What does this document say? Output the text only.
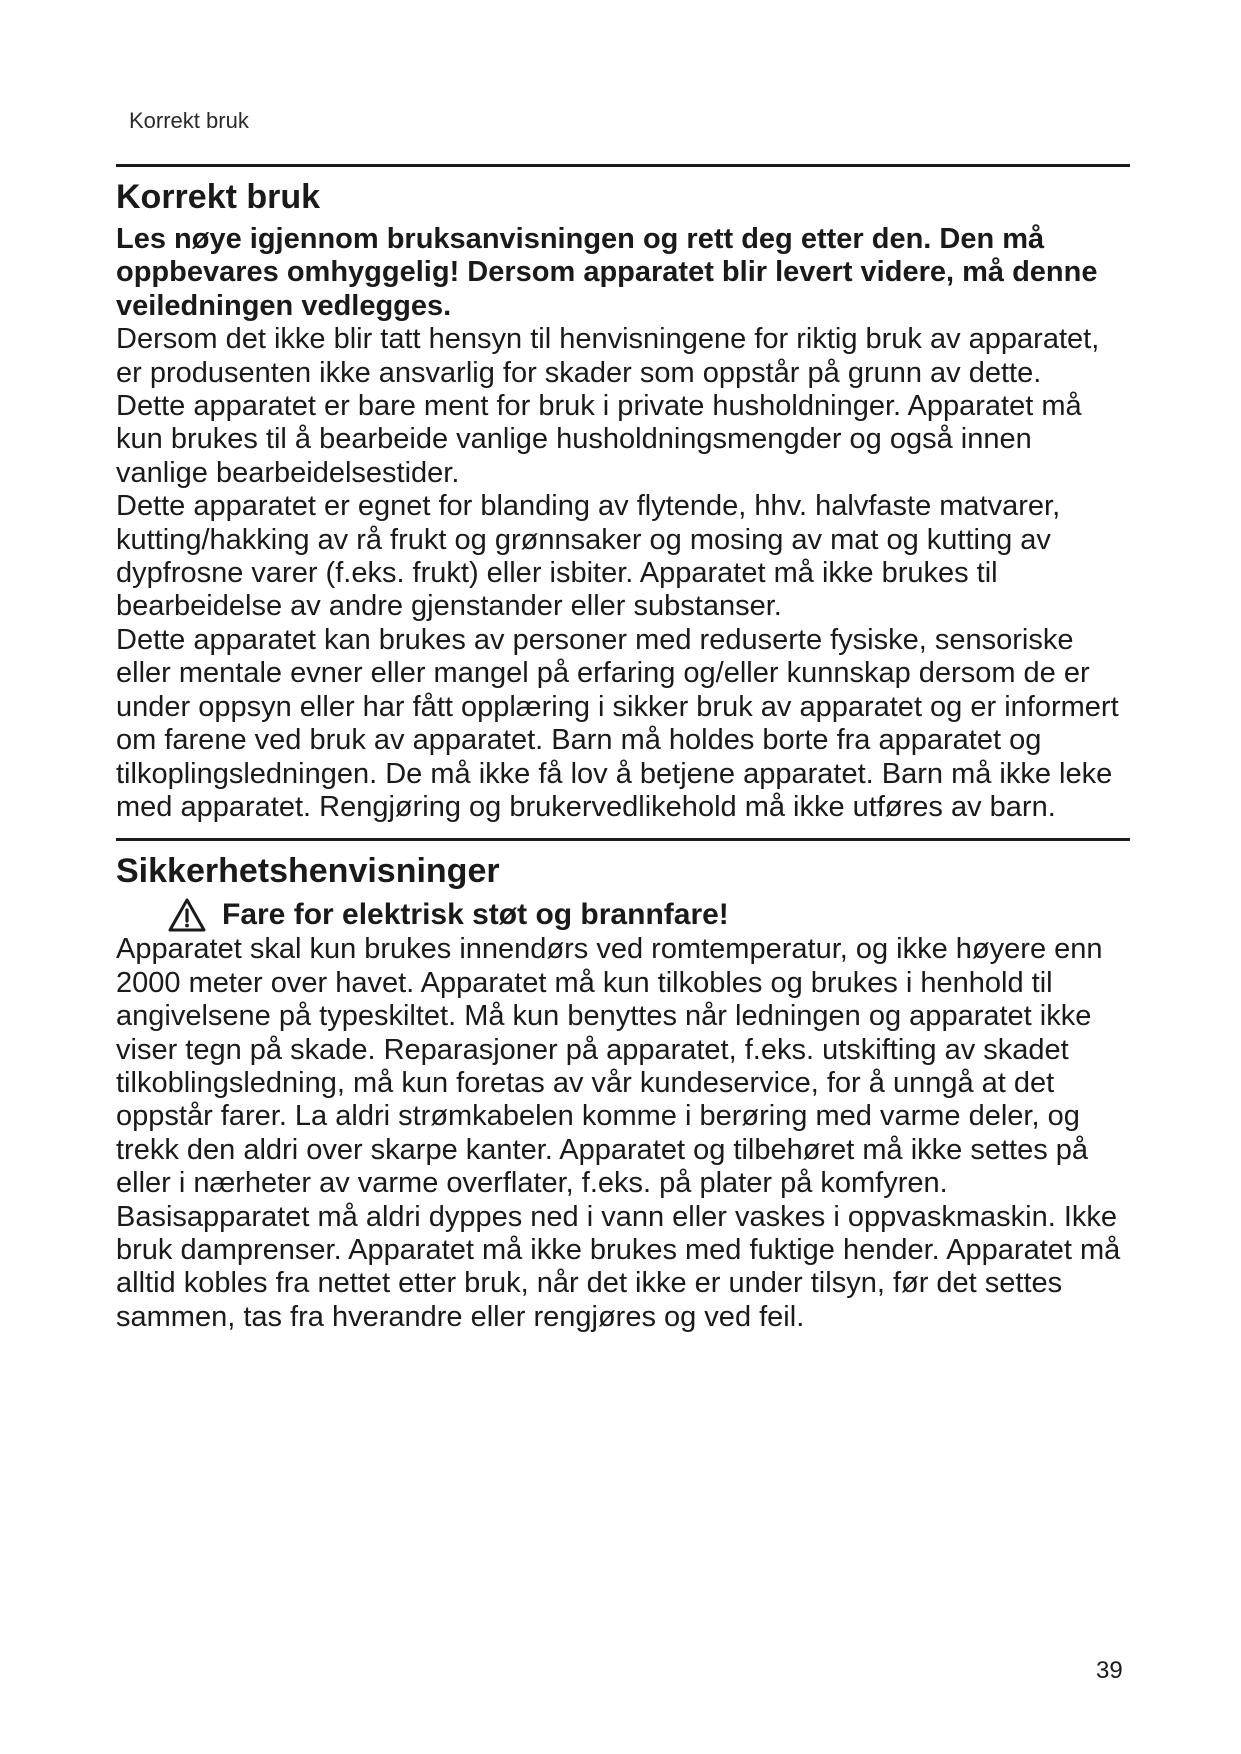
Korrekt bruk
Korrekt bruk

Les nøye igjennom bruksanvisningen og rett deg etter den. Den må oppbevares omhyggelig! Dersom apparatet blir levert videre, må denne veiledningen vedlegges.

Dersom det ikke blir tatt hensyn til henvisningene for riktig bruk av apparatet, er produsenten ikke ansvarlig for skader som oppstår på grunn av dette.

Dette apparatet er bare ment for bruk i private husholdninger. Apparatet må kun brukes til å bearbeide vanlige husholdningsmengder og også innen vanlige bearbeidelsestider.

Dette apparatet er egnet for blanding av flytende, hhv. halvfaste matvarer, kutting/hakking av rå frukt og grønnsaker og mosing av mat og kutting av dypfrosne varer (f.eks. frukt) eller isbiter. Apparatet må ikke brukes til bearbeidelse av andre gjenstander eller substanser.

Dette apparatet kan brukes av personer med reduserte fysiske, sensoriske eller mentale evner eller mangel på erfaring og/eller kunnskap dersom de er under oppsyn eller har fått opplæring i sikker bruk av apparatet og er informert om farene ved bruk av apparatet. Barn må holdes borte fra apparatet og tilkoplingsledningen. De må ikke få lov å betjene apparatet. Barn må ikke leke med apparatet. Rengjøring og brukervedlikehold må ikke utføres av barn.

Sikkerhetshenvisninger
Fare for elektrisk støt og brannfare!

Apparatet skal kun brukes innendørs ved romtemperatur, og ikke høyere enn 2000 meter over havet. Apparatet må kun tilkobles og brukes i henhold til angivelsene på typeskiltet. Må kun benyttes når ledningen og apparatet ikke viser tegn på skade. Reparasjoner på apparatet, f.eks. utskifting av skadet tilkoblingsledning, må kun foretas av vår kundeservice, for å unngå at det oppstår farer. La aldri strømkabelen komme i berøring med varme deler, og trekk den aldri over skarpe kanter. Apparatet og tilbehøret må ikke settes på eller i nærheter av varme overflater, f.eks. på plater på komfyren. Basisapparatet må aldri dyppes ned i vann eller vaskes i oppvaskmaskin. Ikke bruk damprenser. Apparatet må ikke brukes med fuktige hender. Apparatet må alltid kobles fra nettet etter bruk, når det ikke er under tilsyn, før det settes sammen, tas fra hverandre eller rengjøres og ved feil.

39
